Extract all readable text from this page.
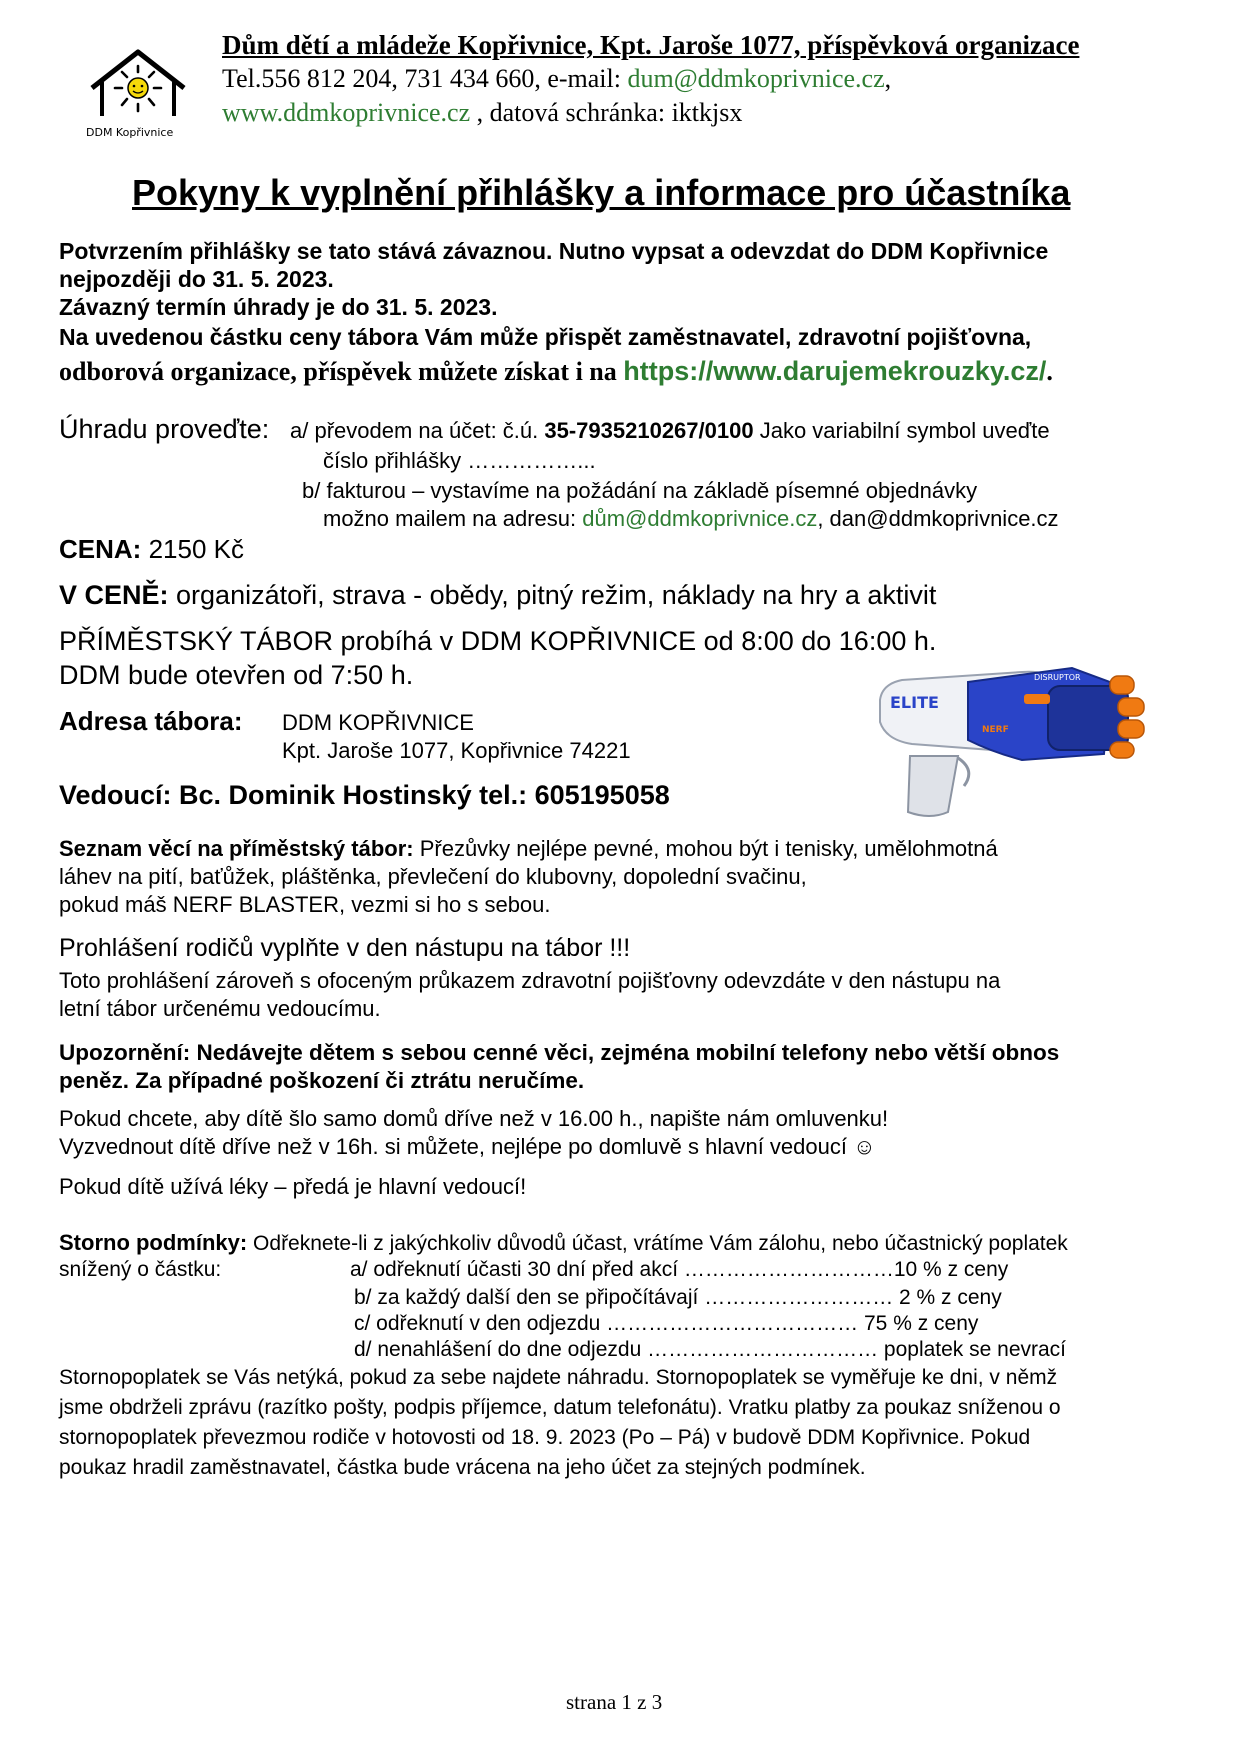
DDM Kopřivnice
Dům dětí a mládeže Kopřivnice, Kpt. Jaroše 1077, příspěvková organizace
Tel.556 812 204, 731 434 660, e-mail: dum@ddmkoprivnice.cz,
www.ddmkoprivnice.cz , datová schránka: iktkjsx
Pokyny k vyplnění přihlášky a informace pro účastníka
Potvrzením přihlášky se tato stává závaznou. Nutno vypsat a odevzdat do DDM Kopřivnice
nejpozději do 31. 5. 2023.
Závazný termín úhrady je do 31. 5. 2023.
Na uvedenou částku ceny tábora Vám může přispět zaměstnavatel, zdravotní pojišťovna,
odborová organizace, příspěvek můžete získat i na https://www.darujemekrouzky.cz/.
Úhradu proveďte: a/ převodem na účet: č.ú. 35-7935210267/0100 Jako variabilní symbol uveďte
číslo přihlášky ……………...
b/ fakturou – vystavíme na požádání na základě písemné objednávky
možno mailem na adresu: dům@ddmkoprivnice.cz, dan@ddmkoprivnice.cz
CENA: 2150 Kč
V CENĚ: organizátoři, strava - obědy, pitný režim, náklady na hry a aktivit
PŘÍMĚSTSKÝ TÁBOR probíhá v DDM KOPŘIVNICE od 8:00 do 16:00 h.
DDM bude otevřen od 7:50 h.
Adresa tábora: DDM KOPŘIVNICE
Kpt. Jaroše 1077, Kopřivnice 74221
Vedoucí: Bc. Dominik Hostinský tel.: 605195058
ELITE
DISRUPTOR
NERF
Seznam věcí na příměstský tábor: Přezůvky nejlépe pevné, mohou být i tenisky, umělohmotná
láhev na pití, baťůžek, pláštěnka, převlečení do klubovny, dopolední svačinu,
pokud máš NERF BLASTER, vezmi si ho s sebou.
Prohlášení rodičů vyplňte v den nástupu na tábor !!!
Toto prohlášení zároveň s ofoceným průkazem zdravotní pojišťovny odevzdáte v den nástupu na
letní tábor určenému vedoucímu.
Upozornění: Nedávejte dětem s sebou cenné věci, zejména mobilní telefony nebo větší obnos
peněz. Za případné poškození či ztrátu neručíme.
Pokud chcete, aby dítě šlo samo domů dříve než v 16.00 h., napište nám omluvenku!
Vyzvednout dítě dříve než v 16h. si můžete, nejlépe po domluvě s hlavní vedoucí ☺
Pokud dítě užívá léky – předá je hlavní vedoucí!
Storno podmínky: Odřeknete-li z jakýchkoliv důvodů účast, vrátíme Vám zálohu, nebo účastnický poplatek
snížený o částku:	a/ odřeknutí účasti 30 dní před akcí …………………………10 % z ceny
b/ za každý další den se připočítávají ……………………… 2 % z ceny
c/ odřeknutí v den odjezdu ……………………………… 75 % z ceny
d/ nenahlášení do dne odjezdu …………………………… poplatek se nevrací
Stornopoplatek se Vás netýká, pokud za sebe najdete náhradu. Stornopoplatek se vyměřuje ke dni, v němž
jsme obdrželi zprávu (razítko pošty, podpis příjemce, datum telefonátu). Vratku platby za poukaz sníženou o
stornopoplatek převezmou rodiče v hotovosti od 18. 9. 2023 (Po – Pá) v budově DDM Kopřivnice. Pokud
poukaz hradil zaměstnavatel, částka bude vrácena na jeho účet za stejných podmínek.
strana 1 z 3
